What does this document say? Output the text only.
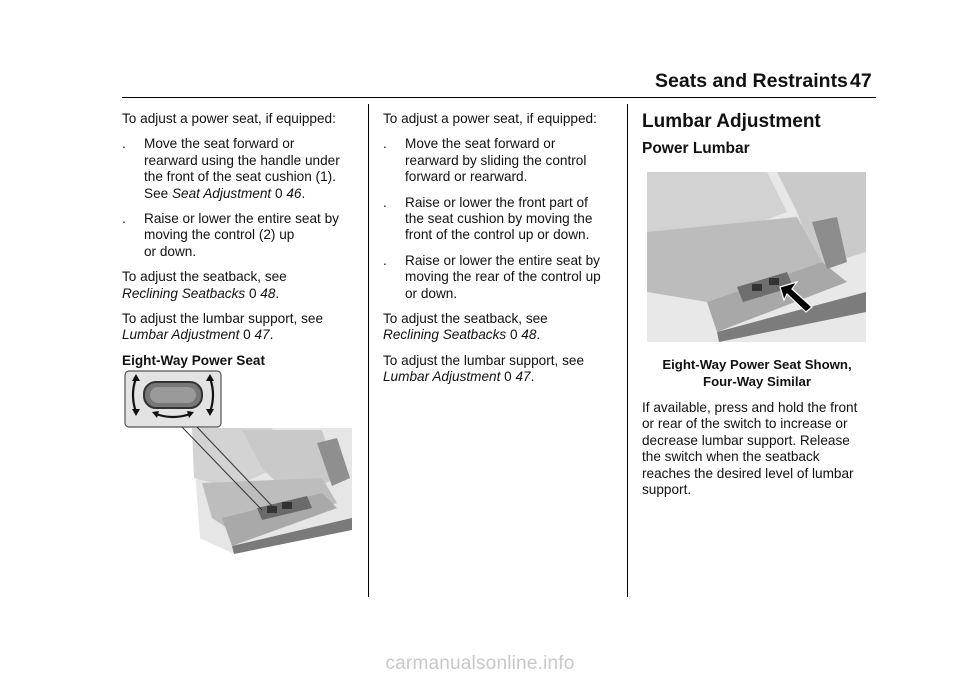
Seats and Restraints 47

To adjust a power seat, if equipped:

. Move the seat forward or
rearward using the handle under
the front of the seat cushion (1).
See Seat Adjustment 0 46.
. Raise or lower the entire seat by
moving the control (2) up
or down.

To adjust the seatback, see
Reclining Seatbacks 0 48.

To adjust the lumbar support, see
Lumbar Adjustment 0 47.

Eight-Way Power Seat

To adjust a power seat, if equipped:

. Move the seat forward or
rearward by sliding the control
forward or rearward.
. Raise or lower the front part of
the seat cushion by moving the
front of the control up or down.
. Raise or lower the entire seat by
moving the rear of the control up
or down.

To adjust the seatback, see
Reclining Seatbacks 0 48.

To adjust the lumbar support, see
Lumbar Adjustment 0 47.

Lumbar Adjustment
Power Lumbar
Eight-Way Power Seat Shown,
Four-Way Similar
If available, press and hold the front
or rear of the switch to increase or
decrease lumbar support. Release
the switch when the seatback
reaches the desired level of lumbar
support.
carmanualsonline.info
